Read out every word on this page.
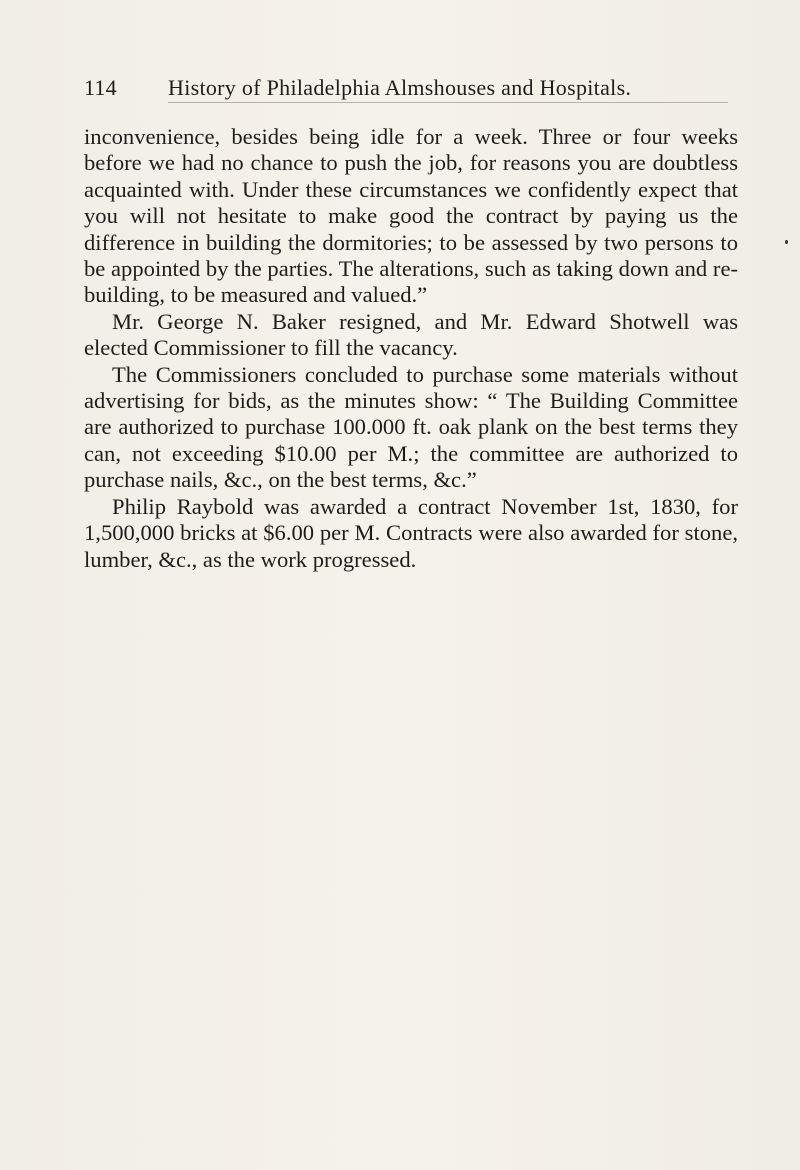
114 History of Philadelphia Almshouses and Hospitals.

inconvenience, besides being idle for a week. Three or four weeks before we had no chance to push the job, for reasons you are doubtless acquainted with. Under these circumstances we confidently expect that you will not hesitate to make good the contract by paying us the difference in building the dormitories; to be assessed by two persons to be appointed by the parties. The alterations, such as taking down and re-building, to be measured and valued.”

Mr. George N. Baker resigned, and Mr. Edward Shotwell was elected Commissioner to fill the vacancy.

The Commissioners concluded to purchase some materials without advertising for bids, as the minutes show: “ The Building Committee are authorized to purchase 100.000 ft. oak plank on the best terms they can, not exceeding $10.00 per M.; the committee are authorized to purchase nails, &c., on the best terms, &c.”

Philip Raybold was awarded a contract November 1st, 1830, for 1,500,000 bricks at $6.00 per M. Contracts were also awarded for stone, lumber, &c., as the work progressed.
